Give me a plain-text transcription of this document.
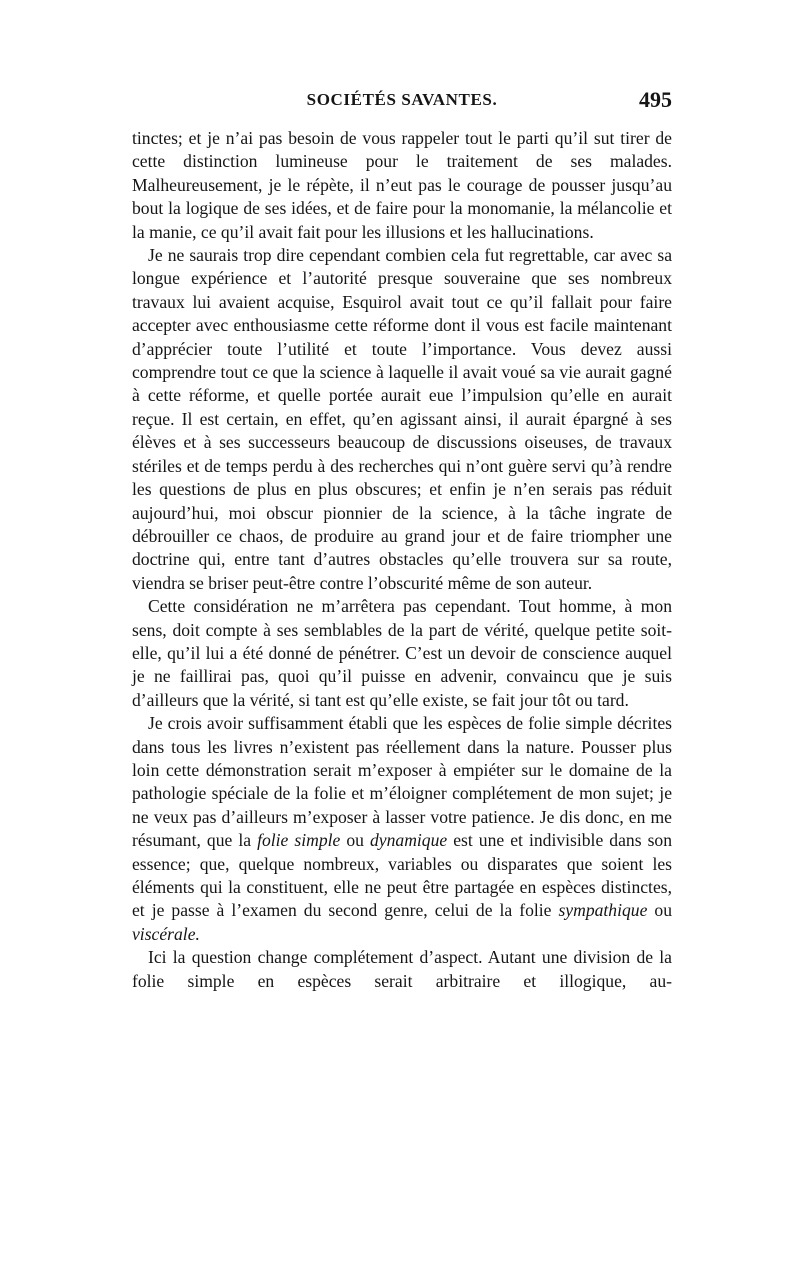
SOCIÉTÉS SAVANTES.	495

tinctes; et je n’ai pas besoin de vous rappeler tout le parti qu’il sut tirer de cette distinction lumineuse pour le traitement de ses malades. Malheureusement, je le répète, il n’eut pas le courage de pousser jusqu’au bout la logique de ses idées, et de faire pour la monomanie, la mélancolie et la manie, ce qu’il avait fait pour les illusions et les hallucinations.

Je ne saurais trop dire cependant combien cela fut regrettable, car avec sa longue expérience et l’autorité presque souveraine que ses nombreux travaux lui avaient acquise, Esquirol avait tout ce qu’il fallait pour faire accepter avec enthousiasme cette réforme dont il vous est facile maintenant d’apprécier toute l’utilité et toute l’importance. Vous devez aussi comprendre tout ce que la science à laquelle il avait voué sa vie aurait gagné à cette réforme, et quelle portée aurait eue l’impulsion qu’elle en aurait reçue. Il est certain, en effet, qu’en agissant ainsi, il aurait épargné à ses élèves et à ses successeurs beaucoup de discussions oiseuses, de travaux stériles et de temps perdu à des recherches qui n’ont guère servi qu’à rendre les questions de plus en plus obscures; et enfin je n’en serais pas réduit aujourd’hui, moi obscur pionnier de la science, à la tâche ingrate de débrouiller ce chaos, de produire au grand jour et de faire triompher une doctrine qui, entre tant d’autres obstacles qu’elle trouvera sur sa route, viendra se briser peut-être contre l’obscurité même de son auteur.

Cette considération ne m’arrêtera pas cependant. Tout homme, à mon sens, doit compte à ses semblables de la part de vérité, quelque petite soit-elle, qu’il lui a été donné de pénétrer. C’est un devoir de conscience auquel je ne faillirai pas, quoi qu’il puisse en advenir, convaincu que je suis d’ailleurs que la vérité, si tant est qu’elle existe, se fait jour tôt ou tard.

Je crois avoir suffisamment établi que les espèces de folie simple décrites dans tous les livres n’existent pas réellement dans la nature. Pousser plus loin cette démonstration serait m’exposer à empiéter sur le domaine de la pathologie spéciale de la folie et m’éloigner complétement de mon sujet; je ne veux pas d’ailleurs m’exposer à lasser votre patience. Je dis donc, en me résumant, que la folie simple ou dynamique est une et indivisible dans son essence; que, quelque nombreux, variables ou disparates que soient les éléments qui la constituent, elle ne peut être partagée en espèces distinctes, et je passe à l’examen du second genre, celui de la folie sympathique ou viscérale.

Ici la question change complétement d’aspect. Autant une division de la folie simple en espèces serait arbitraire et illogique, au-
